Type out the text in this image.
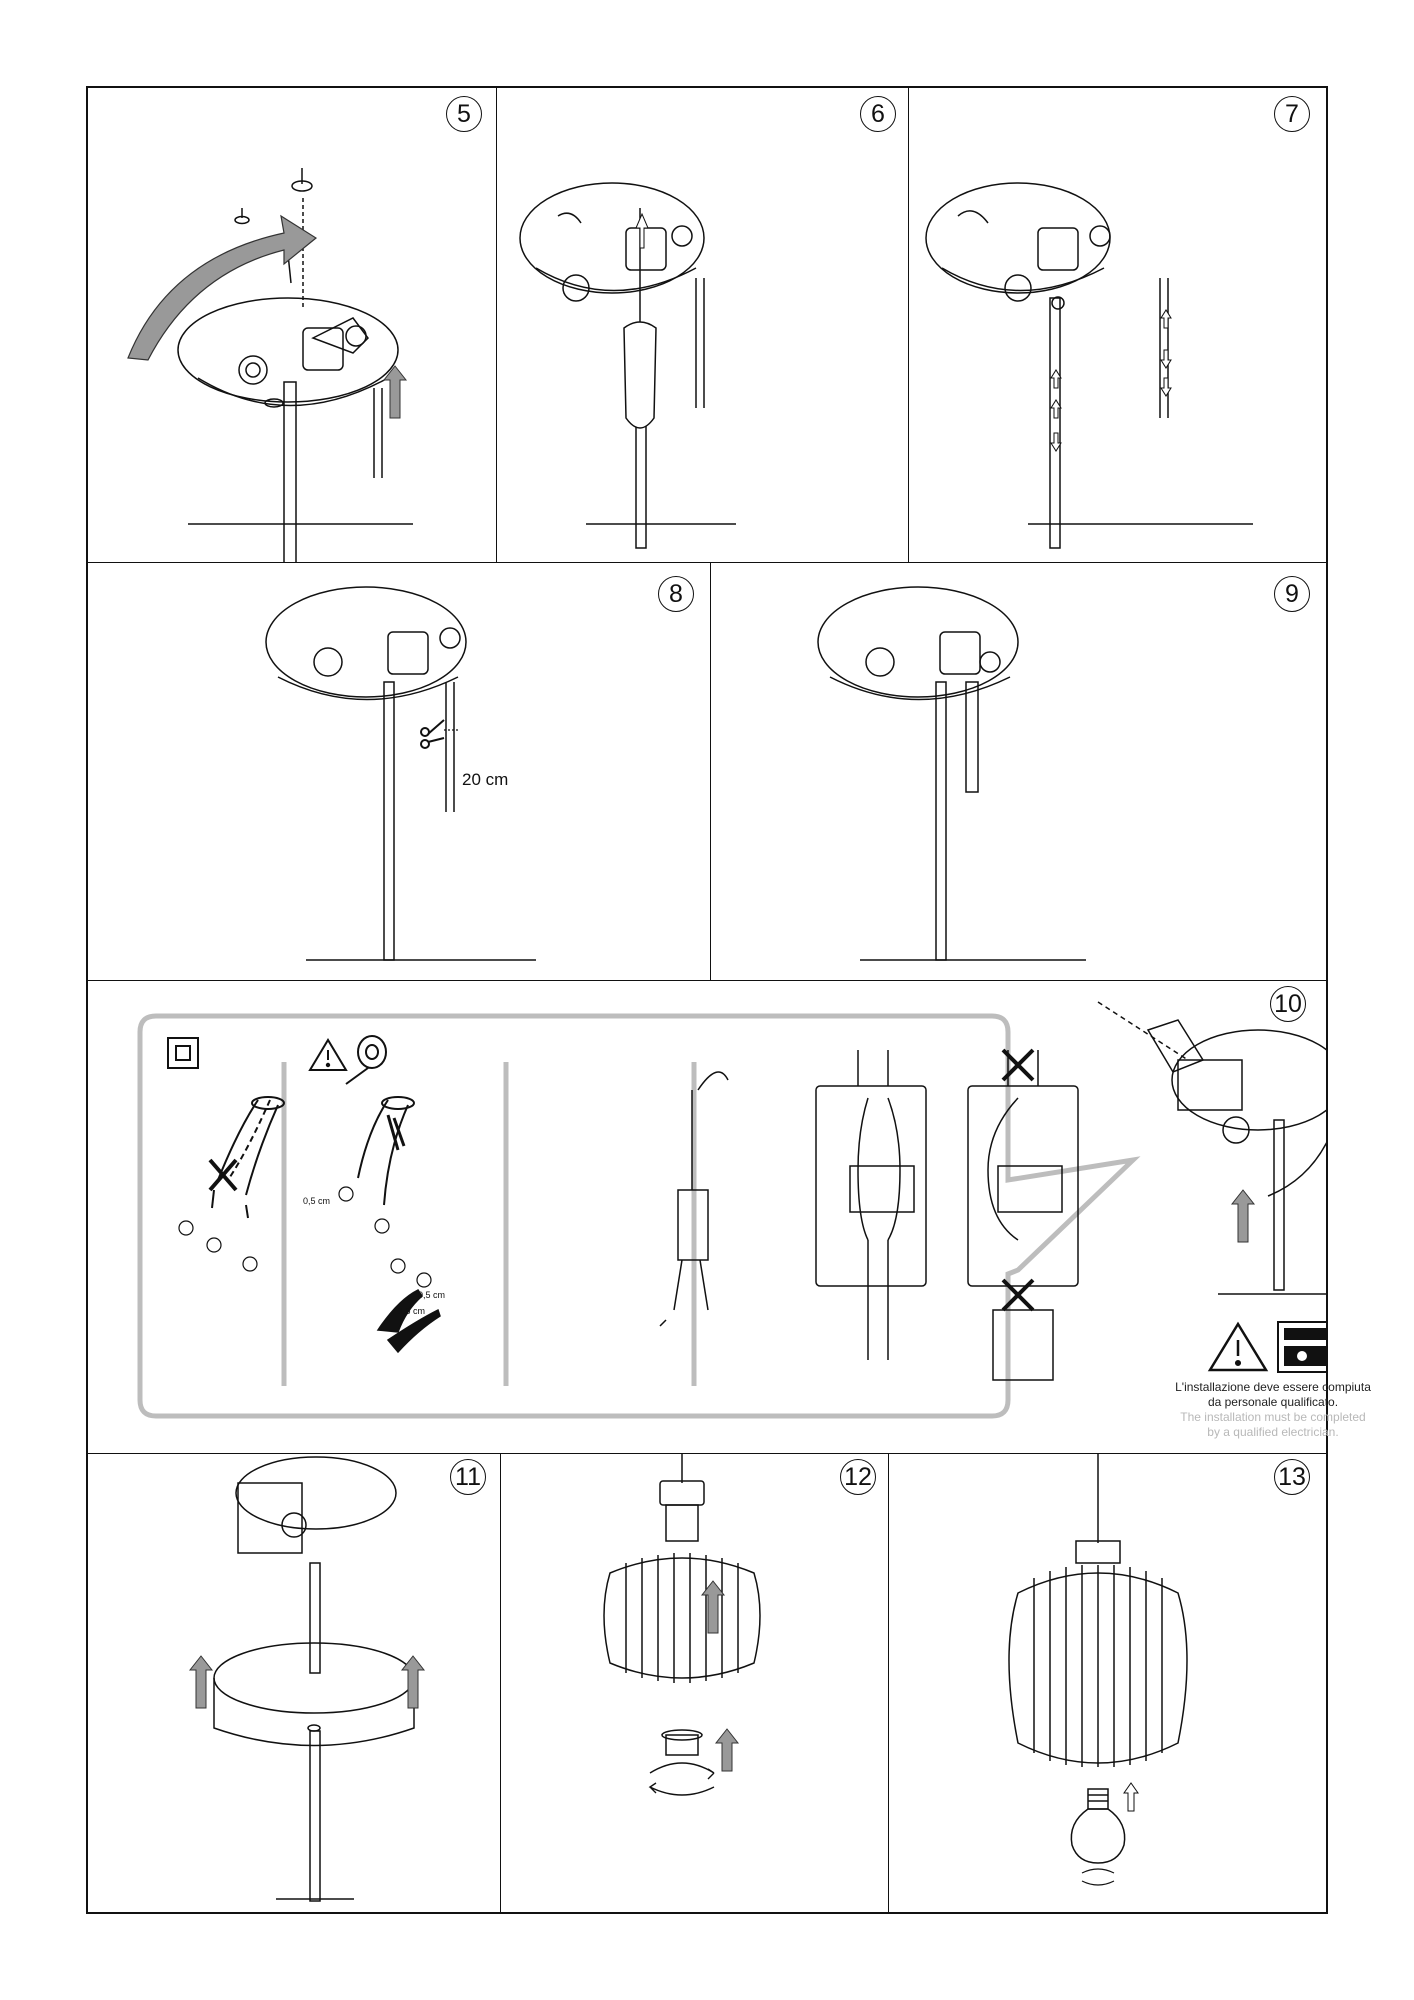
5	6	7
8
20 cm
9
10
0,5 cm
0,5 cm
1,5 cm
L'installazione deve essere compiuta
da personale qualificato.
The installation must be completed
by a qualified electrician.
11	12	13
